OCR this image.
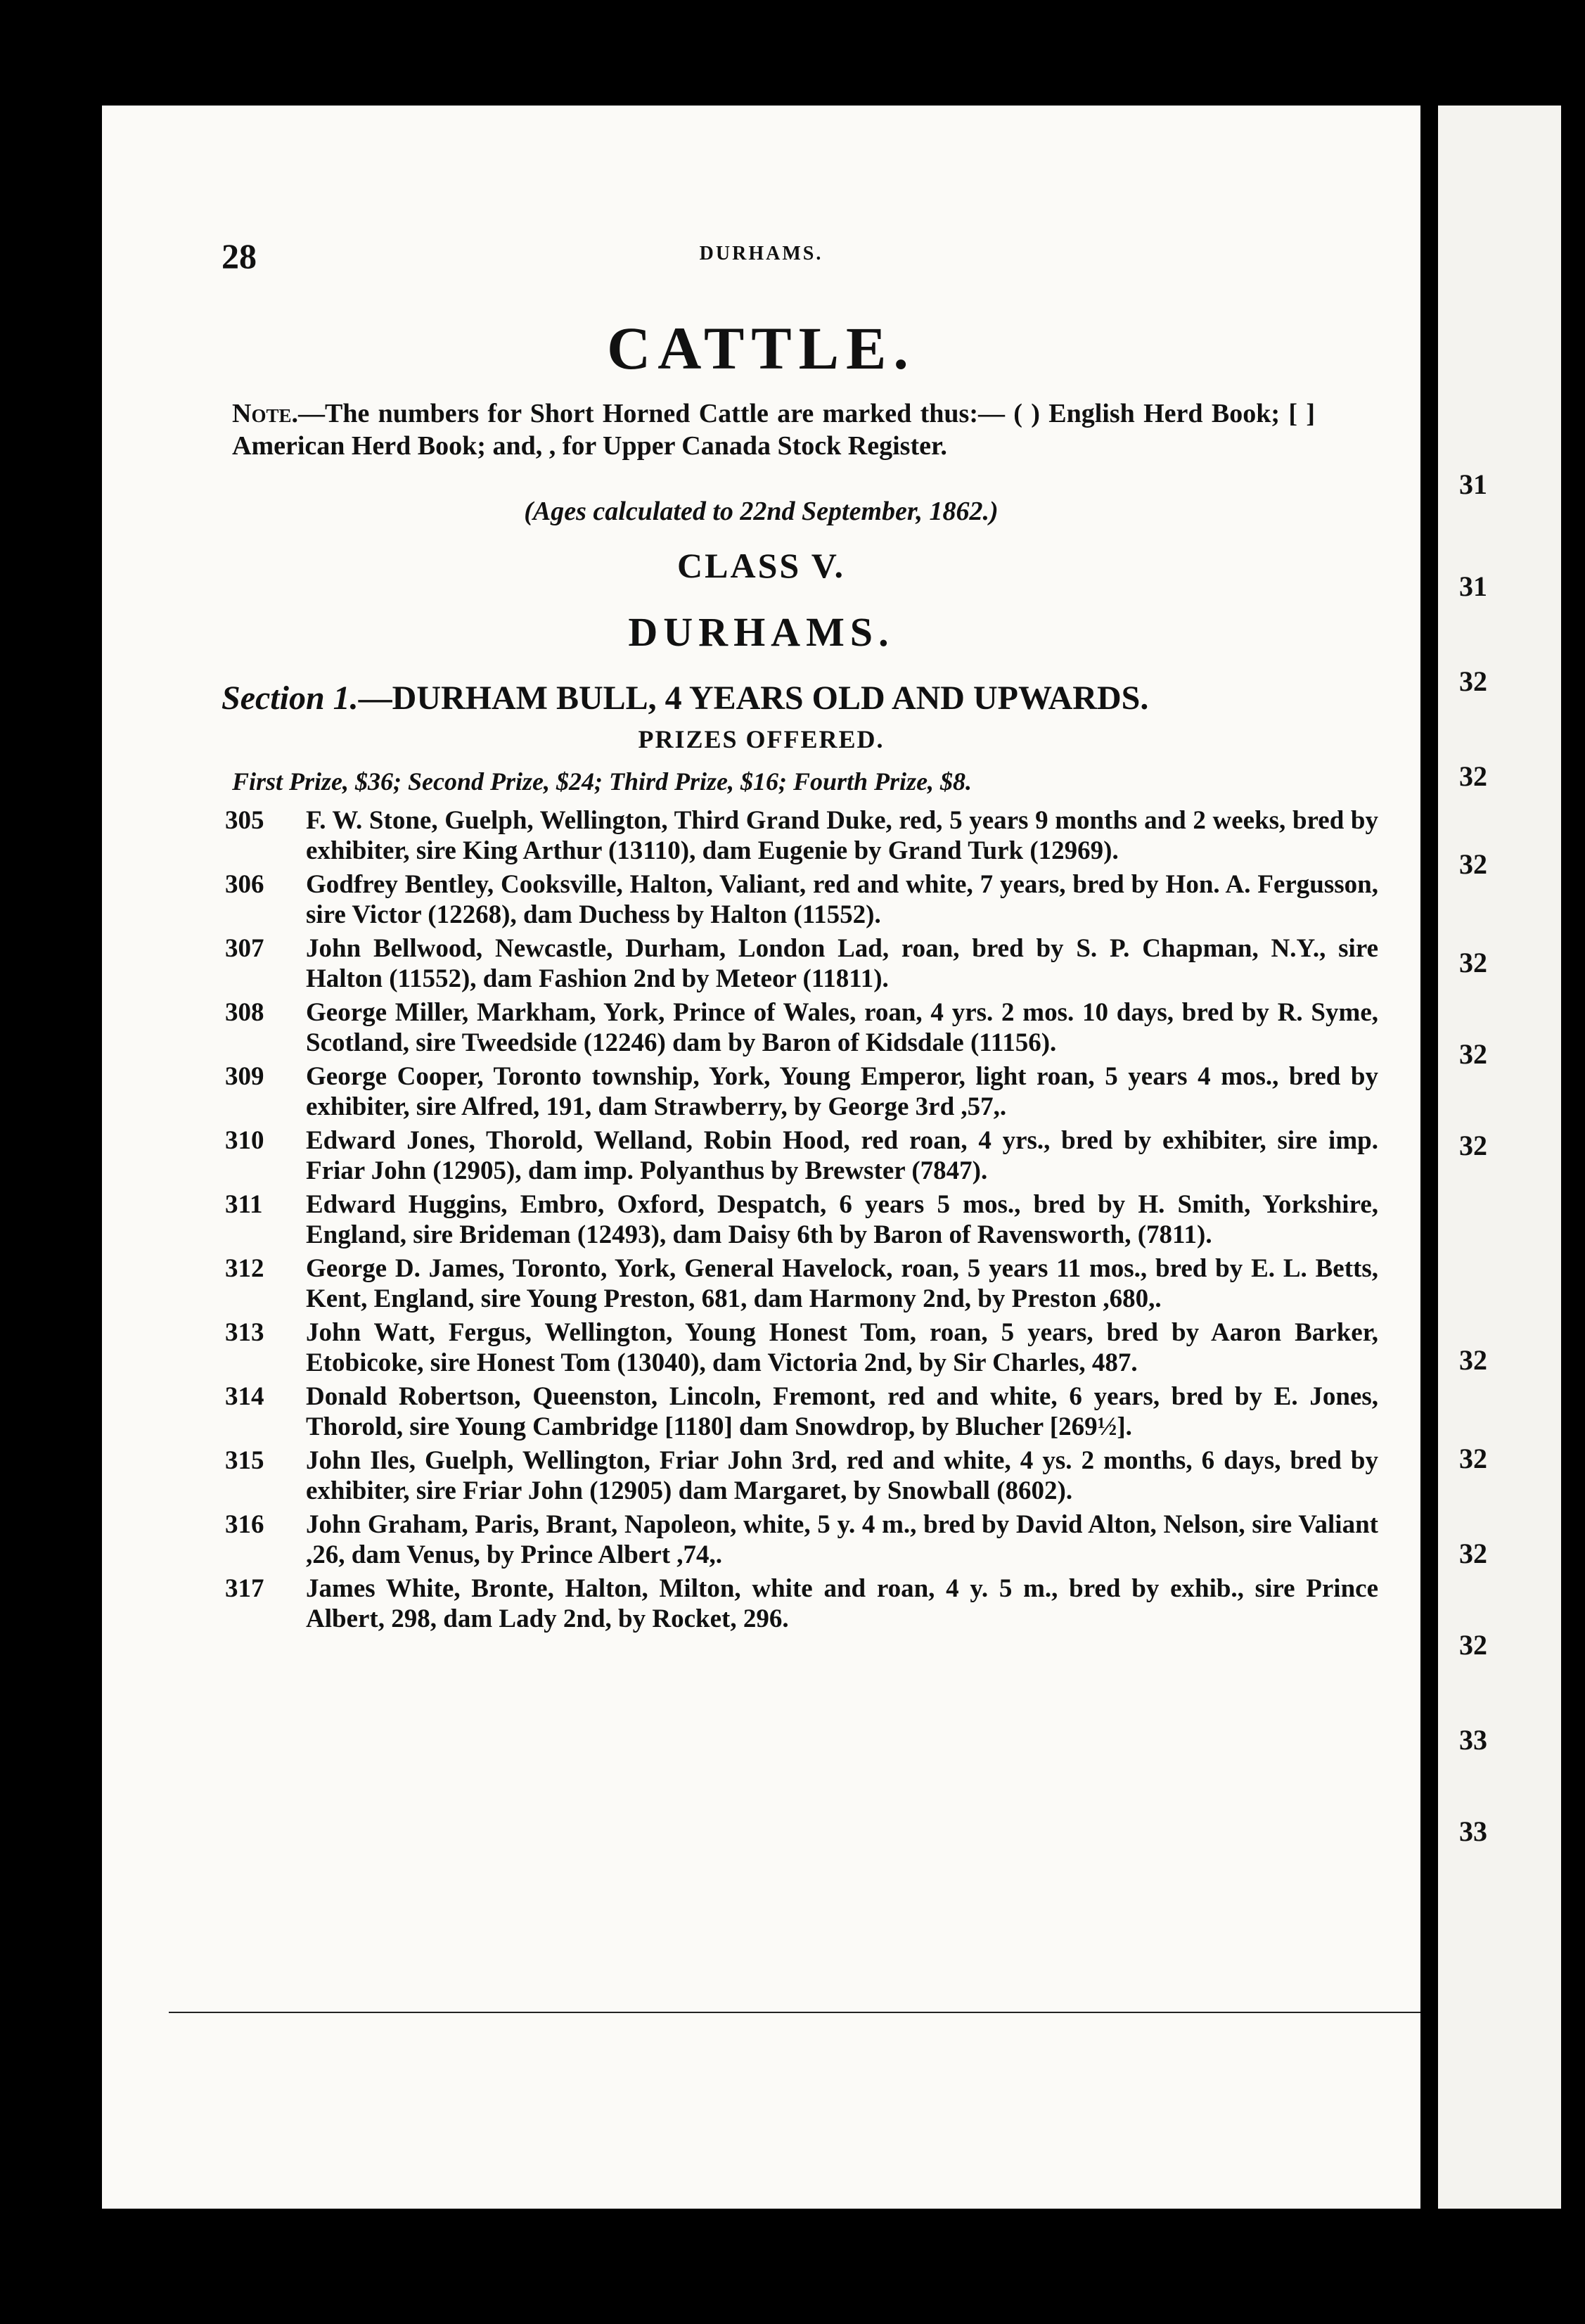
28	DURHAMS.
CATTLE.
Note.—The numbers for Short Horned Cattle are marked thus:— ( ) English Herd Book; [ ] American Herd Book; and, , for Upper Canada Stock Register.
(Ages calculated to 22nd September, 1862.)
CLASS V.
DURHAMS.
Section 1.—DURHAM BULL, 4 YEARS OLD AND UPWARDS.
PRIZES OFFERED.
First Prize, $36; Second Prize, $24; Third Prize, $16; Fourth Prize, $8.
305	F. W. Stone, Guelph, Wellington, Third Grand Duke, red, 5 years 9 months and 2 weeks, bred by exhibiter, sire King Arthur (13110), dam Eugenie by Grand Turk (12969).
306	Godfrey Bentley, Cooksville, Halton, Valiant, red and white, 7 years, bred by Hon. A. Fergusson, sire Victor (12268), dam Duchess by Halton (11552).
307	John Bellwood, Newcastle, Durham, London Lad, roan, bred by S. P. Chapman, N.Y., sire Halton (11552), dam Fashion 2nd by Meteor (11811).
308	George Miller, Markham, York, Prince of Wales, roan, 4 yrs. 2 mos. 10 days, bred by R. Syme, Scotland, sire Tweedside (12246) dam by Baron of Kidsdale (11156).
309	George Cooper, Toronto township, York, Young Emperor, light roan, 5 years 4 mos., bred by exhibiter, sire Alfred, 191, dam Strawberry, by George 3rd ,57,.
310	Edward Jones, Thorold, Welland, Robin Hood, red roan, 4 yrs., bred by exhibiter, sire imp. Friar John (12905), dam imp. Polyanthus by Brewster (7847).
311	Edward Huggins, Embro, Oxford, Despatch, 6 years 5 mos., bred by H. Smith, Yorkshire, England, sire Brideman (12493), dam Daisy 6th by Baron of Ravensworth, (7811).
312	George D. James, Toronto, York, General Havelock, roan, 5 years 11 mos., bred by E. L. Betts, Kent, England, sire Young Preston, 681, dam Harmony 2nd, by Preston ,680,.
313	John Watt, Fergus, Wellington, Young Honest Tom, roan, 5 years, bred by Aaron Barker, Etobicoke, sire Honest Tom (13040), dam Victoria 2nd, by Sir Charles, 487.
314	Donald Robertson, Queenston, Lincoln, Fremont, red and white, 6 years, bred by E. Jones, Thorold, sire Young Cambridge [1180] dam Snowdrop, by Blucher [269½].
315	John Iles, Guelph, Wellington, Friar John 3rd, red and white, 4 ys. 2 months, 6 days, bred by exhibiter, sire Friar John (12905) dam Margaret, by Snowball (8602).
316	John Graham, Paris, Brant, Napoleon, white, 5 y. 4 m., bred by David Alton, Nelson, sire Valiant ,26, dam Venus, by Prince Albert ,74,.
317	James White, Bronte, Halton, Milton, white and roan, 4 y. 5 m., bred by exhib., sire Prince Albert, 298, dam Lady 2nd, by Rocket, 296.
31
31
32
32
32
32
32
32
32
32
32
32
33
33
